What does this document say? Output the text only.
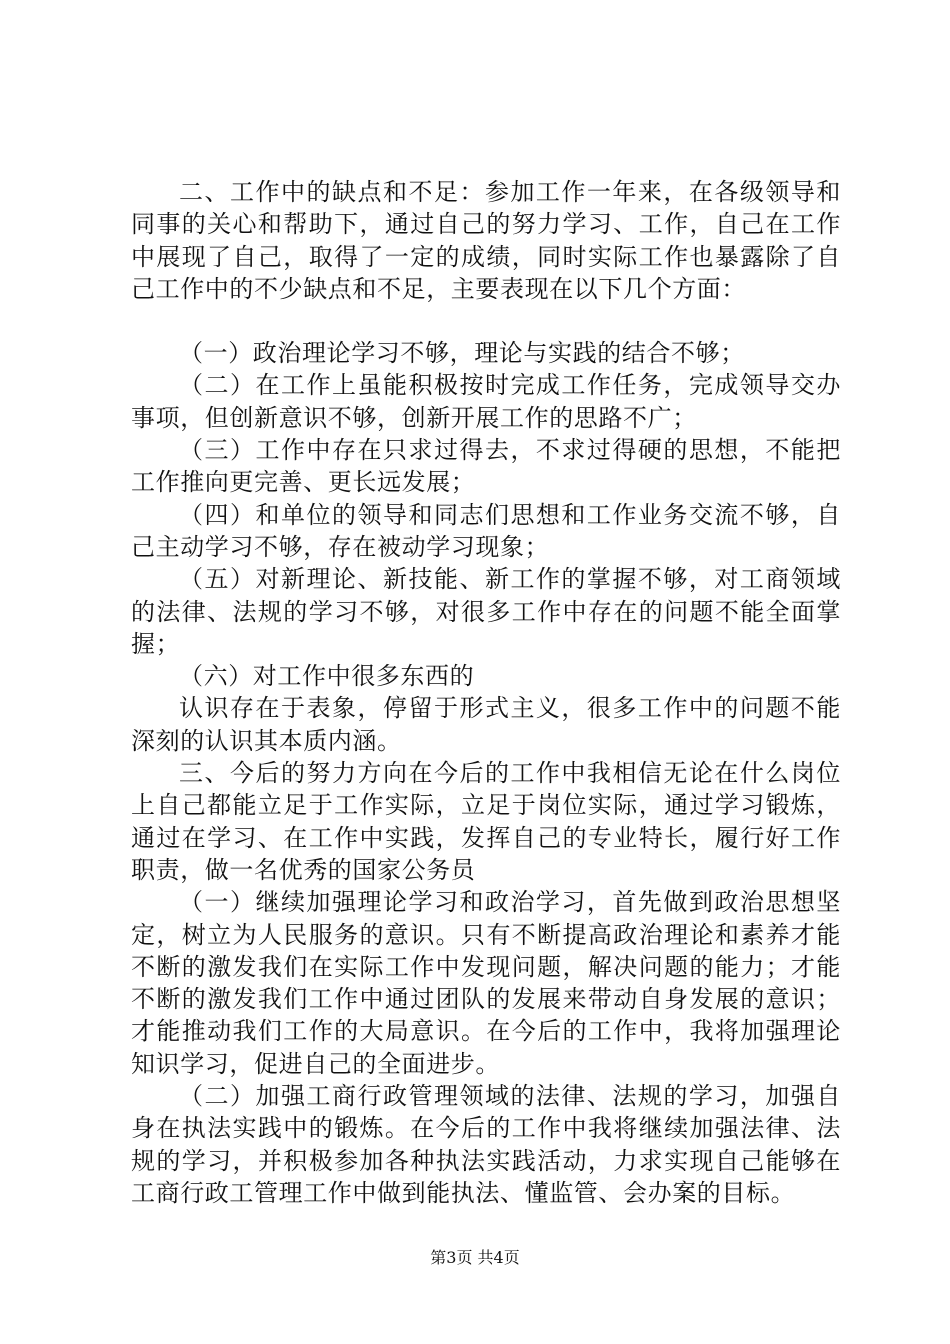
二、工作中的缺点和不足：参加工作一年来，在各级领导和同事的关心和帮助下，通过自己的努力学习、工作，自己在工作中展现了自己，取得了一定的成绩，同时实际工作也暴露除了自己工作中的不少缺点和不足，主要表现在以下几个方面：

（一）政治理论学习不够，理论与实践的结合不够；

（二）在工作上虽能积极按时完成工作任务，完成领导交办事项，但创新意识不够，创新开展工作的思路不广；

（三）工作中存在只求过得去，不求过得硬的思想，不能把工作推向更完善、更长远发展；

（四）和单位的领导和同志们思想和工作业务交流不够，自己主动学习不够，存在被动学习现象；

（五）对新理论、新技能、新工作的掌握不够，对工商领域的法律、法规的学习不够，对很多工作中存在的问题不能全面掌握；

（六）对工作中很多东西的

认识存在于表象，停留于形式主义，很多工作中的问题不能深刻的认识其本质内涵。

三、今后的努力方向在今后的工作中我相信无论在什么岗位上自己都能立足于工作实际，立足于岗位实际，通过学习锻炼，通过在学习、在工作中实践，发挥自己的专业特长，履行好工作职责，做一名优秀的国家公务员

（一）继续加强理论学习和政治学习，首先做到政治思想坚定，树立为人民服务的意识。只有不断提高政治理论和素养才能不断的激发我们在实际工作中发现问题，解决问题的能力；才能不断的激发我们工作中通过团队的发展来带动自身发展的意识；才能推动我们工作的大局意识。在今后的工作中，我将加强理论知识学习，促进自己的全面进步。

（二）加强工商行政管理领域的法律、法规的学习，加强自身在执法实践中的锻炼。在今后的工作中我将继续加强法律、法规的学习，并积极参加各种执法实践活动，力求实现自己能够在工商行政工管理工作中做到能执法、懂监管、会办案的目标。

第3页 共4页
